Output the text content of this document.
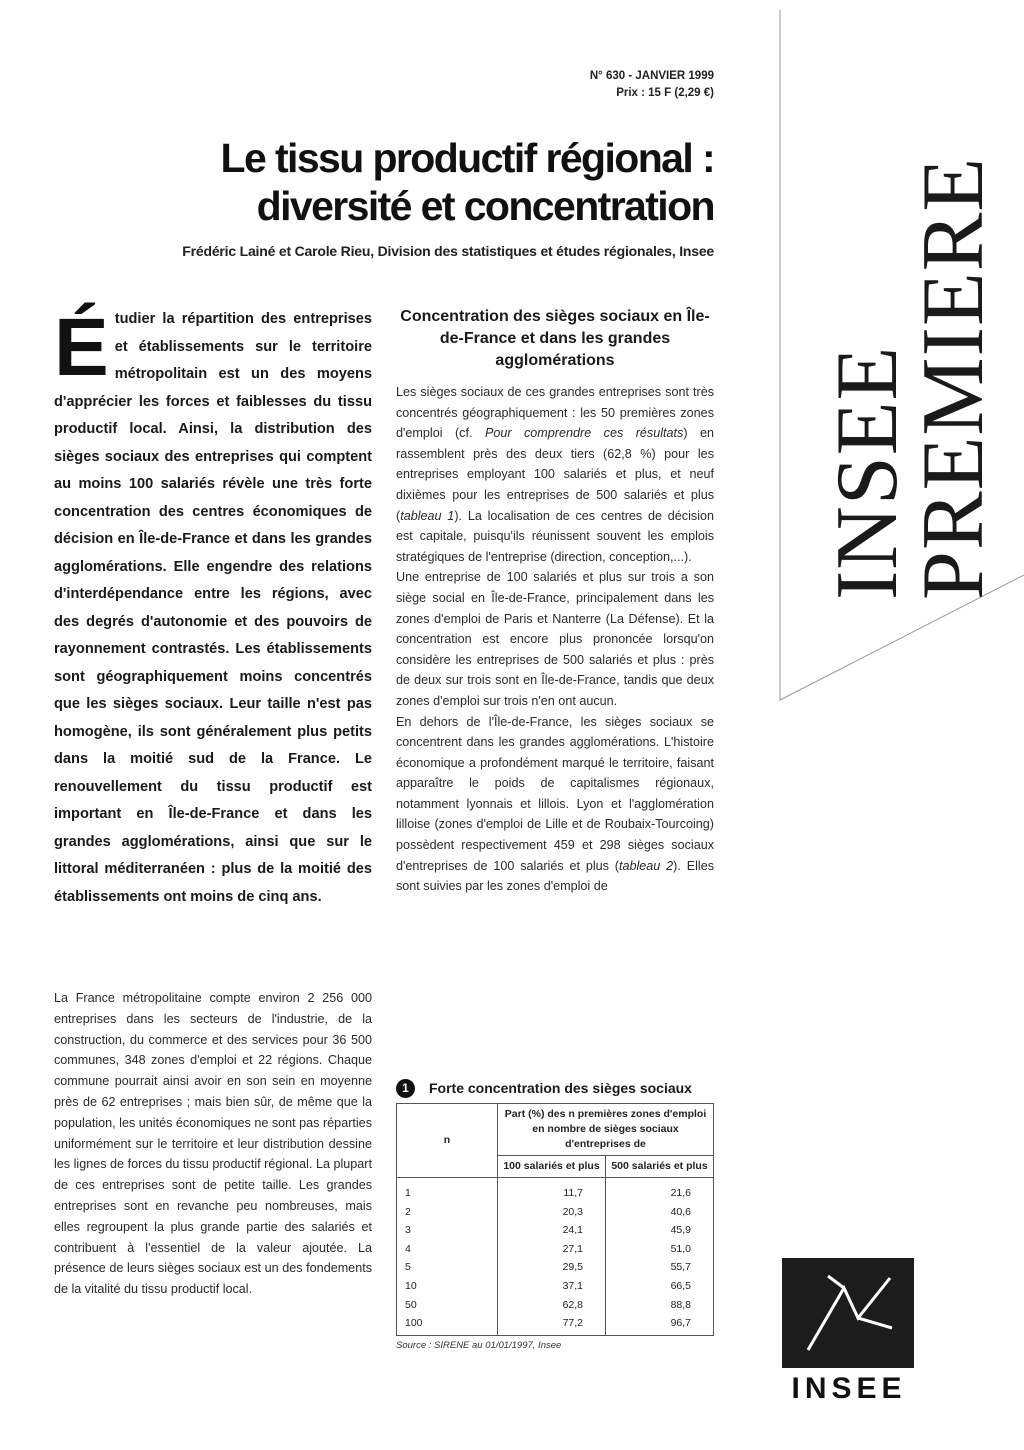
N° 630 - JANVIER 1999
Prix : 15 F (2,29 €)
Le tissu productif régional :
diversité et concentration
Frédéric Lainé et Carole Rieu, Division des statistiques et études régionales, Insee
É tudier la répartition des entreprises et établissements sur le territoire métropolitain est un des moyens d'apprécier les forces et faiblesses du tissu productif local. Ainsi, la distribution des sièges sociaux des entreprises qui comptent au moins 100 salariés révèle une très forte concentration des centres économiques de décision en Île-de-France et dans les grandes agglomérations. Elle engendre des relations d'interdépendance entre les régions, avec des degrés d'autonomie et des pouvoirs de rayonnement contrastés. Les établissements sont géographiquement moins concentrés que les sièges sociaux. Leur taille n'est pas homogène, ils sont généralement plus petits dans la moitié sud de la France. Le renouvellement du tissu productif est important en Île-de-France et dans les grandes agglomérations, ainsi que sur le littoral méditerranéen : plus de la moitié des établissements ont moins de cinq ans.
La France métropolitaine compte environ 2 256 000 entreprises dans les secteurs de l'industrie, de la construction, du commerce et des services pour 36 500 communes, 348 zones d'emploi et 22 régions. Chaque commune pourrait ainsi avoir en son sein en moyenne près de 62 entreprises ; mais bien sûr, de même que la population, les unités économiques ne sont pas réparties uniformément sur le territoire et leur distribution dessine les lignes de forces du tissu productif régional. La plupart de ces entreprises sont de petite taille. Les grandes entreprises sont en revanche peu nombreuses, mais elles regroupent la plus grande partie des salariés et contribuent à l'essentiel de la valeur ajoutée. La présence de leurs sièges sociaux est un des fondements de la vitalité du tissu productif local.
Concentration des sièges sociaux en Île-de-France et dans les grandes agglomérations

Les sièges sociaux de ces grandes entreprises sont très concentrés géographiquement : les 50 premières zones d'emploi (cf. Pour comprendre ces résultats) en rassemblent près des deux tiers (62,8 %) pour les entreprises employant 100 salariés et plus, et neuf dixièmes pour les entreprises de 500 salariés et plus (tableau 1). La localisation de ces centres de décision est capitale, puisqu'ils réunissent souvent les emplois stratégiques de l'entreprise (direction, conception,...).

Une entreprise de 100 salariés et plus sur trois a son siège social en Île-de-France, principalement dans les zones d'emploi de Paris et Nanterre (La Défense). Et la concentration est encore plus prononcée lorsqu'on considère les entreprises de 500 salariés et plus : près de deux sur trois sont en Île-de-France, tandis que deux zones d'emploi sur trois n'en ont aucun.

En dehors de l'Île-de-France, les sièges sociaux se concentrent dans les grandes agglomérations. L'histoire économique a profondément marqué le territoire, faisant apparaître le poids de capitalismes régionaux, notamment lyonnais et lillois. Lyon et l'agglomération lilloise (zones d'emploi de Lille et de Roubaix-Tourcoing) possèdent respectivement 459 et 298 sièges sociaux d'entreprises de 100 salariés et plus (tableau 2). Elles sont suivies par les zones d'emploi de

1	Forte concentration des sièges sociaux
n	Part (%) des n premières zones d'emploi en nombre de sièges sociaux d'entreprises de	
	100 salariés et plus	500 salariés et plus
1	11,7	21,6
2	20,3	40,6
3	24,1	45,9
4	27,1	51,0
5	29,5	55,7
10	37,1	66,5
50	62,8	88,8
100	77,2	96,7
Source : SIRENE au 01/01/1997, Insee
INSEE
PREMIERE
INSEE
